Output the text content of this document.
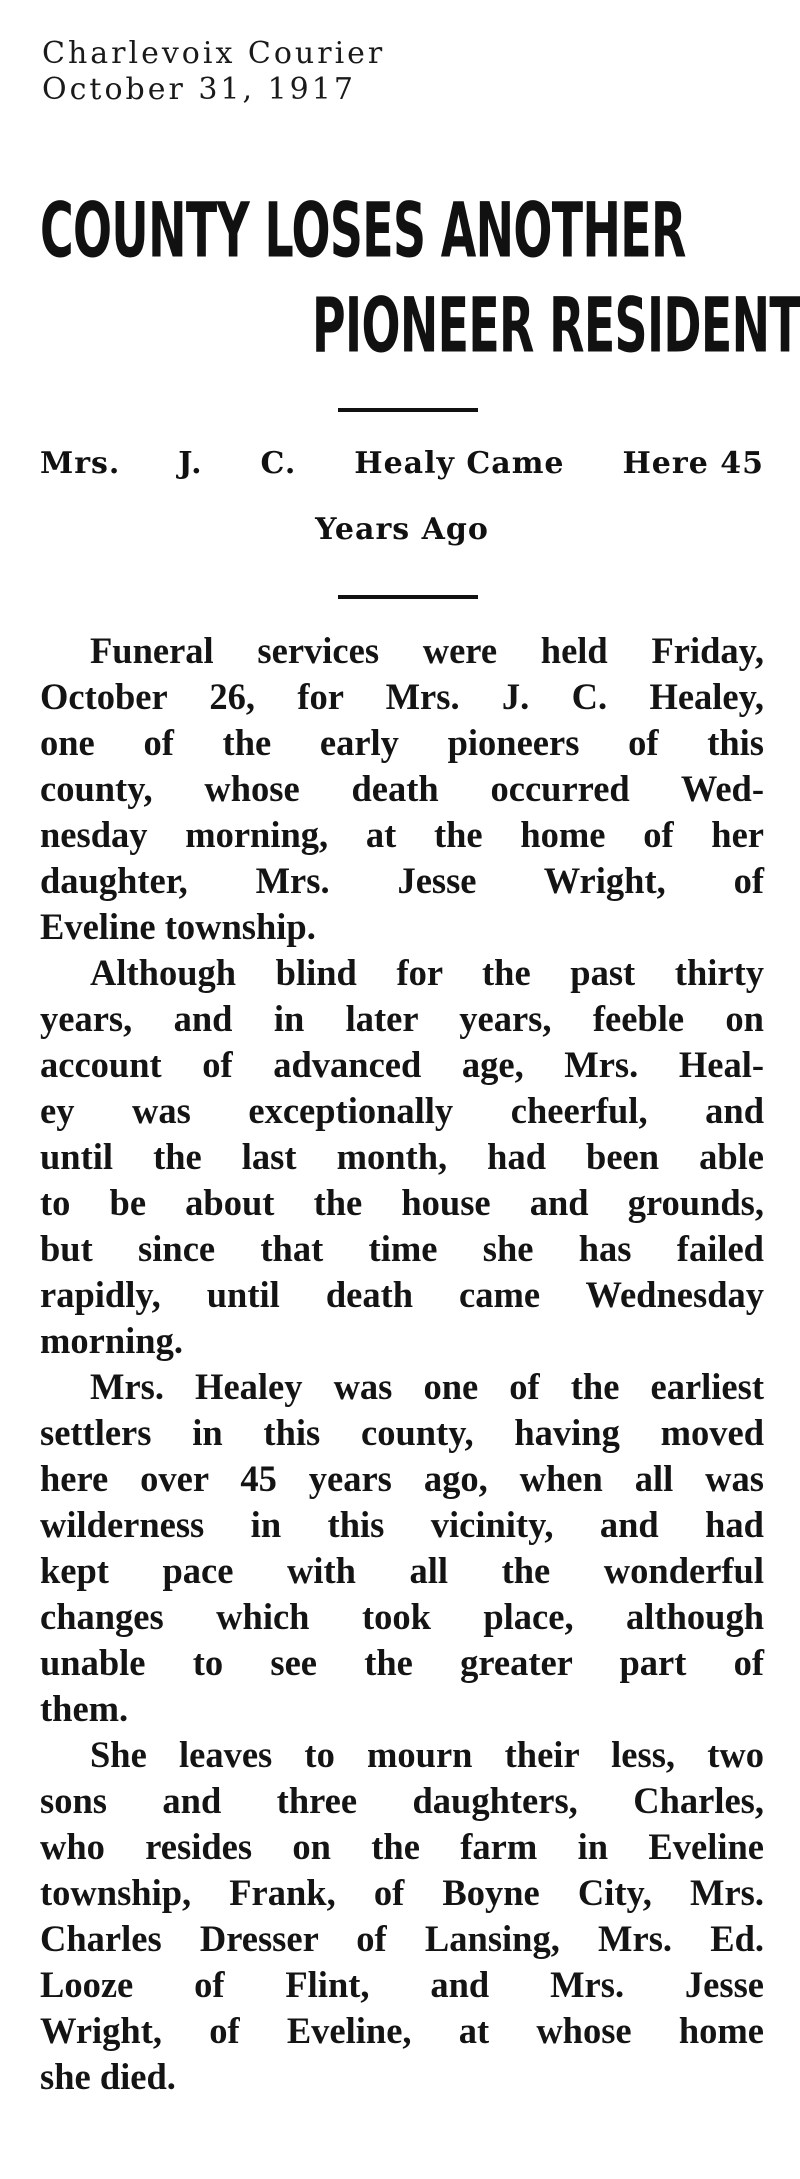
Charlevoix Courier
October 31, 1917
COUNTY LOSES ANOTHER
PIONEER RESIDENT
Mrs. J. C. Healy Came Here 45
Years Ago
Funeral services were held Friday,
October 26, for Mrs. J. C. Healey,
one of the early pioneers of this
county, whose death occurred Wed-
nesday morning, at the home of her
daughter, Mrs. Jesse Wright, of
Eveline township.
Although blind for the past thirty
years, and in later years, feeble on
account of advanced age, Mrs. Heal-
ey was exceptionally cheerful, and
until the last month, had been able
to be about the house and grounds,
but since that time she has failed
rapidly, until death came Wednesday
morning.
Mrs. Healey was one of the earliest
settlers in this county, having moved
here over 45 years ago, when all was
wilderness in this vicinity, and had
kept pace with all the wonderful
changes which took place, although
unable to see the greater part of
them.
She leaves to mourn their less, two
sons and three daughters, Charles,
who resides on the farm in Eveline
township, Frank, of Boyne City, Mrs.
Charles Dresser of Lansing, Mrs. Ed.
Looze of Flint, and Mrs. Jesse
Wright, of Eveline, at whose home
she died.
